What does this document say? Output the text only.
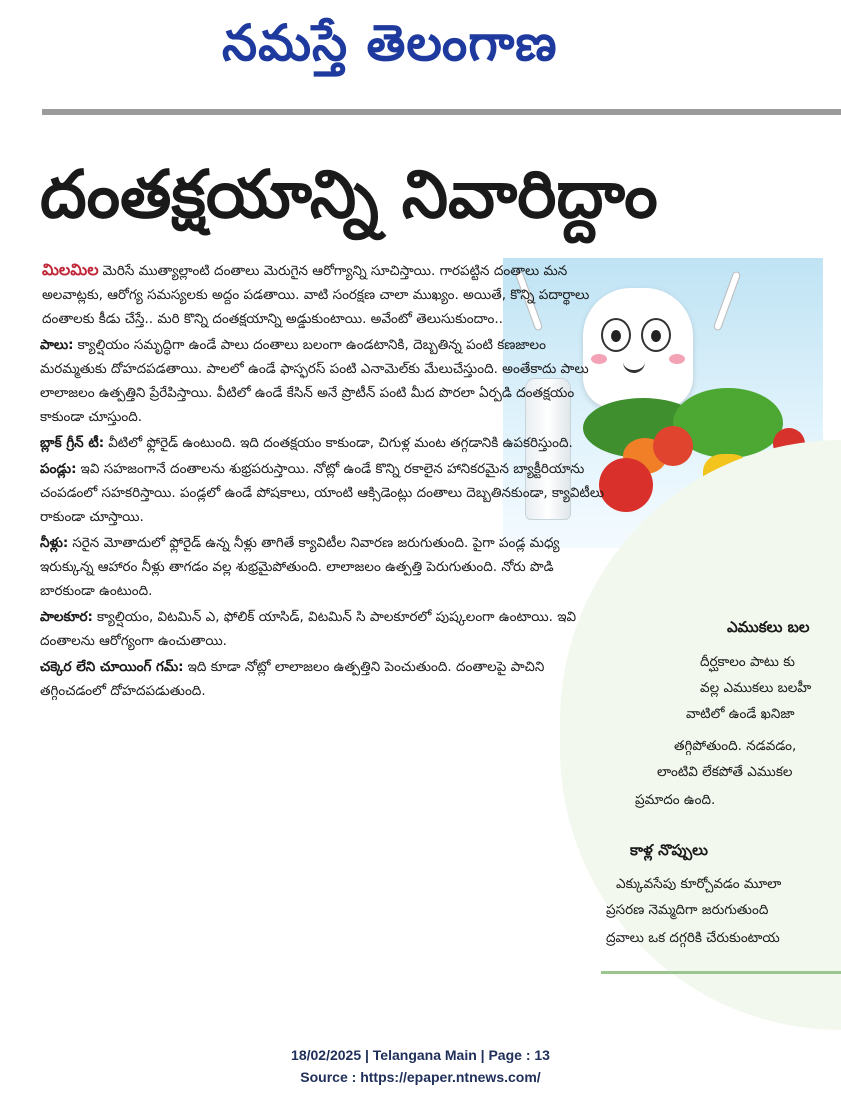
నమస్తే తెలంగాణ
దంతక్షయాన్ని నివారిద్దాం
ఎముకలు బల
దీర్ఘకాలం పాటు కు
వల్ల ఎముకలు బలహీ
వాటిలో ఉండే ఖనిజా
తగ్గిపోతుంది. నడవడం,
లాంటివి లేకపోతే ఎముకల
ప్రమాదం ఉంది.
కాళ్ల నొప్పులు
ఎక్కువసేపు కూర్చోవడం మూలా
ప్రసరణ నెమ్మదిగా జరుగుతుంది
ద్రవాలు ఒక దగ్గరికి చేరుకుంటాయ

మిలమిల మెరిసే ముత్యాల్లాంటి దంతాలు మెరుగైన ఆరోగ్యాన్ని సూచిస్తాయి. గారపట్టిన దంతాలు మన అలవాట్లకు, ఆరోగ్య సమస్యలకు అద్దం పడతాయి. వాటి సంరక్షణ చాలా ముఖ్యం. అయితే, కొన్ని పదార్థాలు దంతాలకు కీడు చేస్తే.. మరి కొన్ని దంతక్షయాన్ని అడ్డుకుంటాయి. అవేంటో తెలుసుకుందాం..

పాలు: క్యాల్షియం సమృద్ధిగా ఉండే పాలు దంతాలు బలంగా ఉండటానికి, దెబ్బతిన్న పంటి కణజాలం మరమ్మతుకు దోహదపడతాయి. పాలలో ఉండే ఫాస్ఫరస్ పంటి ఎనామెల్‌కు మేలుచేస్తుంది. అంతేకాదు పాలు లాలాజలం ఉత్పత్తిని ప్రేరేపిస్తాయి. వీటిలో ఉండే కేసిన్ అనే ప్రొటీన్ పంటి మీద పొరలా ఏర్పడి దంతక్షయం కాకుండా చూస్తుంది.

బ్లాక్ గ్రీన్ టీ: వీటిలో ఫ్లోరైడ్ ఉంటుంది. ఇది దంతక్షయం కాకుండా, చిగుళ్ల మంట తగ్గడానికి ఉపకరిస్తుంది.

పండ్లు: ఇవి సహజంగానే దంతాలను శుభ్రపరుస్తాయి. నోట్లో ఉండే కొన్ని రకాలైన హానికరమైన బ్యాక్టీరియాను చంపడంలో సహకరిస్తాయి. పండ్లలో ఉండే పోషకాలు, యాంటి ఆక్సిడెంట్లు దంతాలు దెబ్బతినకుండా, క్యావిటీలు రాకుండా చూస్తాయి.

నీళ్లు: సరైన మోతాదులో ఫ్లోరైడ్ ఉన్న నీళ్లు తాగితే క్యావిటీల నివారణ జరుగుతుంది. పైగా పండ్ల మధ్య ఇరుక్కున్న ఆహారం నీళ్లు తాగడం వల్ల శుభ్రమైపోతుంది. లాలాజలం ఉత్పత్తి పెరుగుతుంది. నోరు పొడి బారకుండా ఉంటుంది.

పాలకూర: క్యాల్షియం, విటమిన్ ఎ, ఫోలిక్ యాసిడ్, విటమిన్ సి పాలకూరలో పుష్కలంగా ఉంటాయి. ఇవి దంతాలను ఆరోగ్యంగా ఉంచుతాయి.

చక్కెర లేని చూయింగ్ గమ్: ఇది కూడా నోట్లో లాలాజలం ఉత్పత్తిని పెంచుతుంది. దంతాలపై పాచిని తగ్గించడంలో దోహదపడుతుంది.

18/02/2025 | Telangana Main | Page : 13
Source : https://epaper.ntnews.com/
